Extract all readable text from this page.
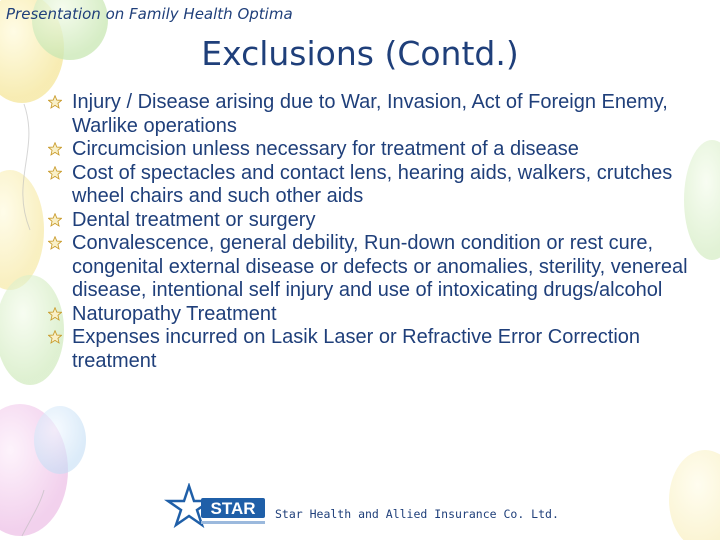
Presentation on Family Health Optima
Exclusions (Contd.)
Injury / Disease arising due to War, Invasion, Act of Foreign Enemy, Warlike operations
Circumcision unless necessary for treatment of a disease
Cost of spectacles and contact lens, hearing aids, walkers, crutches wheel chairs and such other aids
Dental treatment or surgery
Convalescence, general debility, Run-down condition or rest cure, congenital external disease or defects or anomalies, sterility, venereal disease, intentional self injury and use of intoxicating drugs/alcohol
Naturopathy Treatment
Expenses incurred on Lasik Laser or Refractive Error Correction treatment
STAR Star Health and Allied Insurance Co. Ltd.
